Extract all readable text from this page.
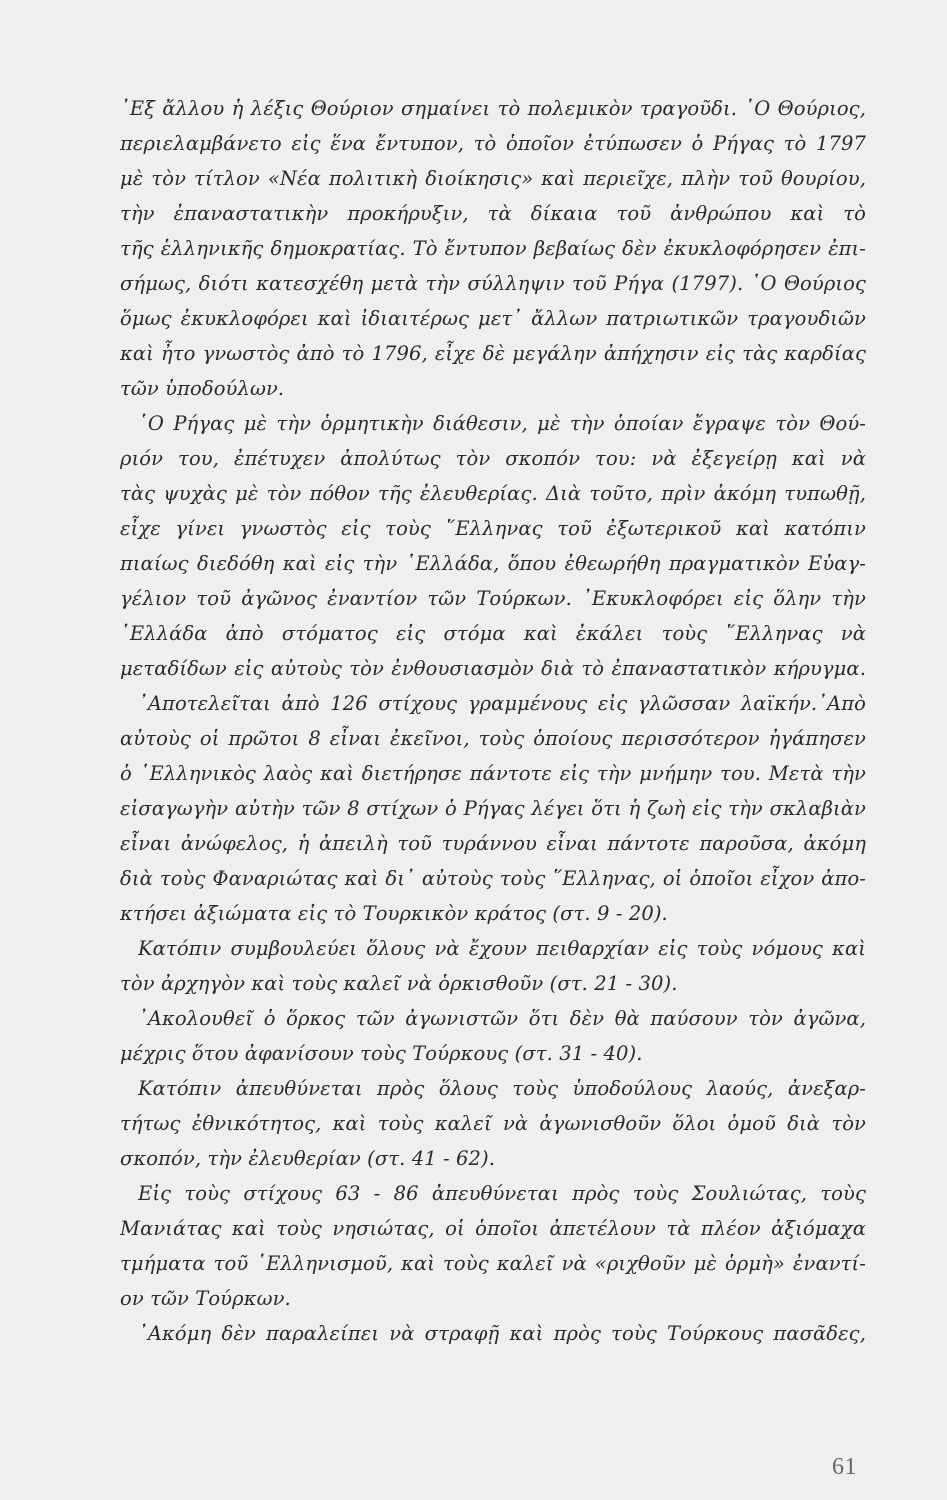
᾿Εξ ἄλλου ἡ λέξις Θούριον σημαίνει τὸ πολεμικὸν τραγοῦδι. ῾Ο Θούριος,
περιελαμβάνετο εἰς ἕνα ἔντυπον, τὸ ὁποῖον ἐτύπωσεν ὁ Ρήγας τὸ 1797
μὲ τὸν τίτλον «Νέα πολιτικὴ διοίκησις» καὶ περιεῖχε, πλὴν τοῦ θουρίου,
τὴν ἐπαναστατικὴν προκήρυξιν, τὰ δίκαια τοῦ ἀνθρώπου καὶ τὸ
τῆς ἑλληνικῆς δημοκρατίας. Τὸ ἔντυπον βεβαίως δὲν ἐκυκλοφόρησεν ἐπι-
σήμως, διότι κατεσχέθη μετὰ τὴν σύλληψιν τοῦ Ρήγα (1797). ῾Ο Θούριος
ὅμως ἐκυκλοφόρει καὶ ἰδιαιτέρως μετ᾿ ἄλλων πατριωτικῶν τραγουδιῶν
καὶ ἦτο γνωστὸς ἀπὸ τὸ 1796, εἶχε δὲ μεγάλην ἀπήχησιν εἰς τὰς καρδίας
τῶν ὑποδούλων.
῾Ο Ρήγας μὲ τὴν ὁρμητικὴν διάθεσιν, μὲ τὴν ὁποίαν ἔγραψε τὸν Θού-
ριόν του, ἐπέτυχεν ἀπολύτως τὸν σκοπόν του: νὰ ἐξεγείρῃ καὶ νὰ
τὰς ψυχὰς μὲ τὸν πόθον τῆς ἐλευθερίας. Διὰ τοῦτο, πρὶν ἀκόμη τυπωθῇ,
εἶχε γίνει γνωστὸς εἰς τοὺς ῞Ελληνας τοῦ ἐξωτερικοῦ καὶ κατόπιν
πιαίως διεδόθη καὶ εἰς τὴν ῾Ελλάδα, ὅπου ἐθεωρήθη πραγματικὸν Εὐαγ-
γέλιον τοῦ ἀγῶνος ἐναντίον τῶν Τούρκων. ᾿Εκυκλοφόρει εἰς ὅλην τὴν
῾Ελλάδα ἀπὸ στόματος εἰς στόμα καὶ ἐκάλει τοὺς ῞Ελληνας νὰ
μεταδίδων εἰς αὐτοὺς τὸν ἐνθουσιασμὸν διὰ τὸ ἐπαναστατικὸν κήρυγμα.
᾿Αποτελεῖται ἀπὸ 126 στίχους γραμμένους εἰς γλῶσσαν λαϊκήν.᾿Απὸ
αὐτοὺς οἱ πρῶτοι 8 εἶναι ἐκεῖνοι, τοὺς ὁποίους περισσότερον ἠγάπησεν
ὁ ῾Ελληνικὸς λαὸς καὶ διετήρησε πάντοτε εἰς τὴν μνήμην του. Μετὰ τὴν
εἰσαγωγὴν αὐτὴν τῶν 8 στίχων ὁ Ρήγας λέγει ὅτι ἡ ζωὴ εἰς τὴν σκλαβιὰν
εἶναι ἀνώφελος, ἡ ἀπειλὴ τοῦ τυράννου εἶναι πάντοτε παροῦσα, ἀκόμη
διὰ τοὺς Φαναριώτας καὶ δι᾿ αὐτοὺς τοὺς ῞Ελληνας, οἱ ὁποῖοι εἶχον ἀπο-
κτήσει ἀξιώματα εἰς τὸ Τουρκικὸν κράτος (στ. 9 - 20).
Κατόπιν συμβουλεύει ὅλους νὰ ἔχουν πειθαρχίαν εἰς τοὺς νόμους καὶ
τὸν ἀρχηγὸν καὶ τοὺς καλεῖ νὰ ὁρκισθοῦν (στ. 21 - 30).
᾿Ακολουθεῖ ὁ ὅρκος τῶν ἀγωνιστῶν ὅτι δὲν θὰ παύσουν τὸν ἀγῶνα,
μέχρις ὅτου ἀφανίσουν τοὺς Τούρκους (στ. 31 - 40).
Κατόπιν ἀπευθύνεται πρὸς ὅλους τοὺς ὑποδούλους λαούς, ἀνεξαρ-
τήτως ἐθνικότητος, καὶ τοὺς καλεῖ νὰ ἀγωνισθοῦν ὅλοι ὁμοῦ διὰ τὸν
σκοπόν, τὴν ἐλευθερίαν (στ. 41 - 62).
Εἰς τοὺς στίχους 63 - 86 ἀπευθύνεται πρὸς τοὺς Σουλιώτας, τοὺς
Μανιάτας καὶ τοὺς νησιώτας, οἱ ὁποῖοι ἀπετέλουν τὰ πλέον ἀξιόμαχα
τμήματα τοῦ ῾Ελληνισμοῦ, καὶ τοὺς καλεῖ νὰ «ριχθοῦν μὲ ὁρμὴ» ἐναντί-
ον τῶν Τούρκων.
᾿Ακόμη δὲν παραλείπει νὰ στραφῇ καὶ πρὸς τοὺς Τούρκους πασᾶδες,
61
